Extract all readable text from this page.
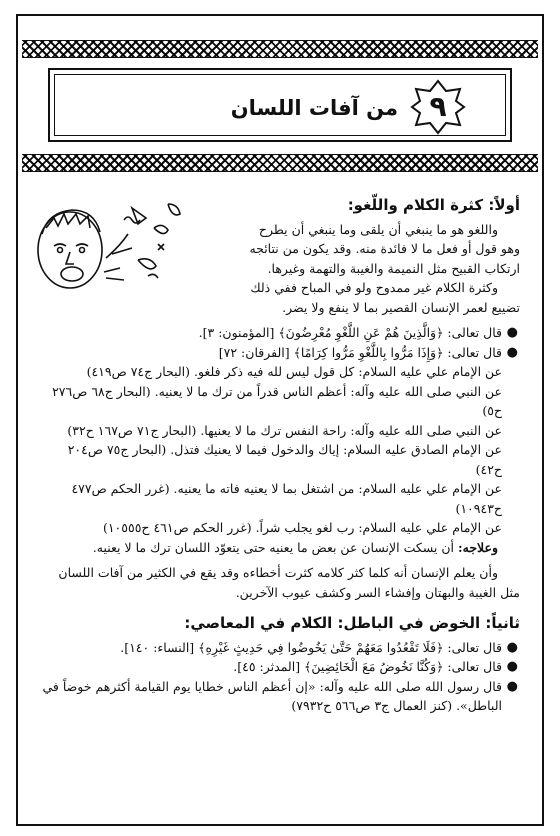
٩
من آفات اللسان
أولاً: كثرة الكلام واللّغو:

واللغو هو ما ينبغي أن يلقى وما ينبغي أن يطرح

وهو قول أو فعل ما لا فائدة منه. وقد يكون من نتائجه

ارتكاب القبيح مثل النميمة والغيبة والتهمة وغيرها.

وكثرة الكلام غير ممدوح ولو في المباح ففي ذلك

تضييع لعمر الإنسان القصير بما لا ينفع ولا يضر.

●
قال تعالى: ﴿وَالَّذِينَ هُمْ عَنِ اللَّغْوِ مُعْرِضُونَ﴾ [المؤمنون: ٣].
●
قال تعالى: ﴿وَإِذَا مَرُّوا بِاللَّغْوِ مَرُّوا كِرَامًا﴾ [الفرقان: ٧٢]
عن الإمام علي عليه السلام: كل قول ليس لله فيه ذكر فلغو. (البحار ج٧٤ ص٤١٩)
عن النبي صلى الله عليه وآله: أعظم الناس قدراً من ترك ما لا يعنيه. (البحار ج٦٨ ص٢٧٦ ح٥)
عن النبي صلى الله عليه وآله: راحة النفس ترك ما لا يعنيها. (البحار ج٧١ ص١٦٧ ح٣٢)
عن الإمام الصادق عليه السلام: إياك والدخول فيما لا يعنيك فتذل. (البحار ج٧٥ ص٢٠٤ ح٤٢)
عن الإمام علي عليه السلام: من اشتغل بما لا يعنيه فاته ما يعنيه. (غرر الحكم ص٤٧٧ ح١٠٩٤٣)
عن الإمام علي عليه السلام: رب لغو يجلب شراً. (غرر الحكم ص٤٦١ ح١٠٥٥٥)

وعلاجه: أن يسكت الإنسان عن بعض ما يعنيه حتى يتعوّد اللسان ترك ما لا يعنيه.

وأن يعلم الإنسان أنه كلما كثر كلامه كثرت أخطاءه وقد يقع في الكثير من آفات اللسان

مثل الغيبة والبهتان وإفشاء السر وكشف عيوب الآخرين.

ثانياً: الخوض في الباطل: الكلام في المعاصي:
●
قال تعالى: ﴿فَلَا تَقْعُدُوا مَعَهُمْ حَتَّىٰ يَخُوضُوا فِي حَدِيثٍ غَيْرِهِ﴾ [النساء: ١٤٠].
●
قال تعالى: ﴿وَكُنَّا نَخُوضُ مَعَ الْخَائِضِينَ﴾ [المدثر: ٤٥].
●
قال رسول الله صلى الله عليه وآله: «إن أعظم الناس خطايا يوم القيامة أكثرهم خوضاً في الباطل». (كنز العمال ج٣ ص٥٦٦ ح٧٩٣٢)
